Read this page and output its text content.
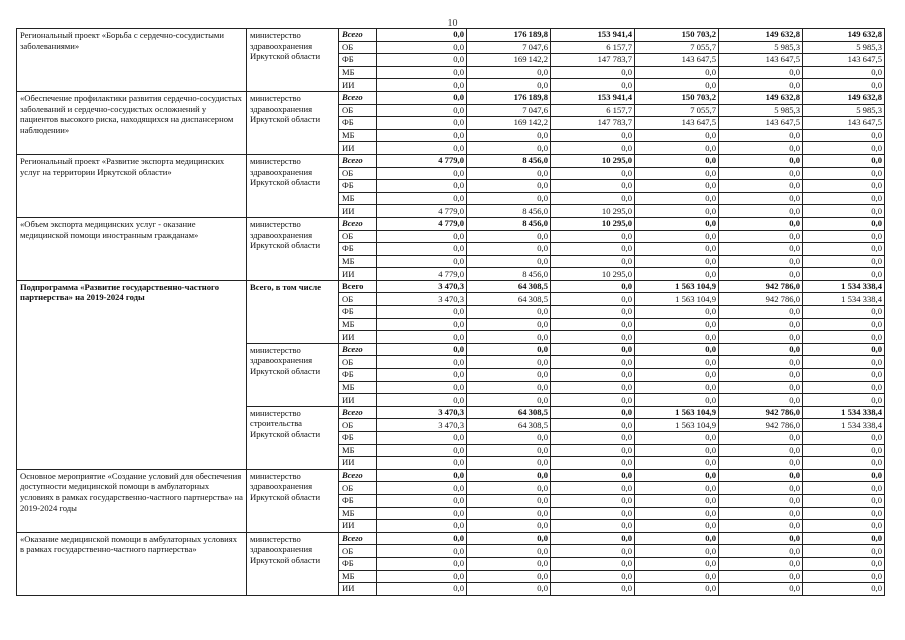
10
Региональный проект «Борьба с сердечно-сосудистыми заболеваниями»	министерство здравоохранения Иркутской области	Всего	0,0	176 189,8	153 941,4	150 703,2	149 632,8	149 632,8
		ОБ	0,0	7 047,6	6 157,7	7 055,7	5 985,3	5 985,3
		ФБ	0,0	169 142,2	147 783,7	143 647,5	143 647,5	143 647,5
		МБ	0,0	0,0	0,0	0,0	0,0	0,0
		ИИ	0,0	0,0	0,0	0,0	0,0	0,0
«Обеспечение профилактики развития сердечно-сосудистых заболеваний и сердечно-сосудистых осложнений у пациентов высокого риска, находящихся на диспансерном наблюдении»	министерство здравоохранения Иркутской области	Всего	0,0	176 189,8	153 941,4	150 703,2	149 632,8	149 632,8
		ОБ	0,0	7 047,6	6 157,7	7 055,7	5 985,3	5 985,3
		ФБ	0,0	169 142,2	147 783,7	143 647,5	143 647,5	143 647,5
		МБ	0,0	0,0	0,0	0,0	0,0	0,0
		ИИ	0,0	0,0	0,0	0,0	0,0	0,0
Региональный проект «Развитие экспорта медицинских услуг на территории Иркутской области»	министерство здравоохранения Иркутской области	Всего	4 779,0	8 456,0	10 295,0	0,0	0,0	0,0
		ОБ	0,0	0,0	0,0	0,0	0,0	0,0
		ФБ	0,0	0,0	0,0	0,0	0,0	0,0
		МБ	0,0	0,0	0,0	0,0	0,0	0,0
		ИИ	4 779,0	8 456,0	10 295,0	0,0	0,0	0,0
«Объем экспорта медицинских услуг - оказание медицинской помощи иностранным гражданам»	министерство здравоохранения Иркутской области	Всего	4 779,0	8 456,0	10 295,0	0,0	0,0	0,0
		ОБ	0,0	0,0	0,0	0,0	0,0	0,0
		ФБ	0,0	0,0	0,0	0,0	0,0	0,0
		МБ	0,0	0,0	0,0	0,0	0,0	0,0
		ИИ	4 779,0	8 456,0	10 295,0	0,0	0,0	0,0
Подпрограмма «Развитие государственно-частного партнерства» на 2019-2024 годы	Всего, в том числе	Всего	3 470,3	64 308,5	0,0	1 563 104,9	942 786,0	1 534 338,4
		ОБ	3 470,3	64 308,5	0,0	1 563 104,9	942 786,0	1 534 338,4
		ФБ	0,0	0,0	0,0	0,0	0,0	0,0
		МБ	0,0	0,0	0,0	0,0	0,0	0,0
		ИИ	0,0	0,0	0,0	0,0	0,0	0,0
	министерство здравоохранения Иркутской области	Всего	0,0	0,0	0,0	0,0	0,0	0,0
		ОБ	0,0	0,0	0,0	0,0	0,0	0,0
		ФБ	0,0	0,0	0,0	0,0	0,0	0,0
		МБ	0,0	0,0	0,0	0,0	0,0	0,0
		ИИ	0,0	0,0	0,0	0,0	0,0	0,0
	министерство строительства Иркутской области	Всего	3 470,3	64 308,5	0,0	1 563 104,9	942 786,0	1 534 338,4
		ОБ	3 470,3	64 308,5	0,0	1 563 104,9	942 786,0	1 534 338,4
		ФБ	0,0	0,0	0,0	0,0	0,0	0,0
		МБ	0,0	0,0	0,0	0,0	0,0	0,0
		ИИ	0,0	0,0	0,0	0,0	0,0	0,0
Основное мероприятие «Создание условий для обеспечения доступности медицинской помощи в амбулаторных условиях в рамках государственно-частного партнерства» на 2019-2024 годы	министерство здравоохранения Иркутской области	Всего	0,0	0,0	0,0	0,0	0,0	0,0
		ОБ	0,0	0,0	0,0	0,0	0,0	0,0
		ФБ	0,0	0,0	0,0	0,0	0,0	0,0
		МБ	0,0	0,0	0,0	0,0	0,0	0,0
		ИИ	0,0	0,0	0,0	0,0	0,0	0,0
«Оказание медицинской помощи в амбулаторных условиях в рамках государственно-частного партнерства»	министерство здравоохранения Иркутской области	Всего	0,0	0,0	0,0	0,0	0,0	0,0
		ОБ	0,0	0,0	0,0	0,0	0,0	0,0
		ФБ	0,0	0,0	0,0	0,0	0,0	0,0
		МБ	0,0	0,0	0,0	0,0	0,0	0,0
		ИИ	0,0	0,0	0,0	0,0	0,0	0,0
